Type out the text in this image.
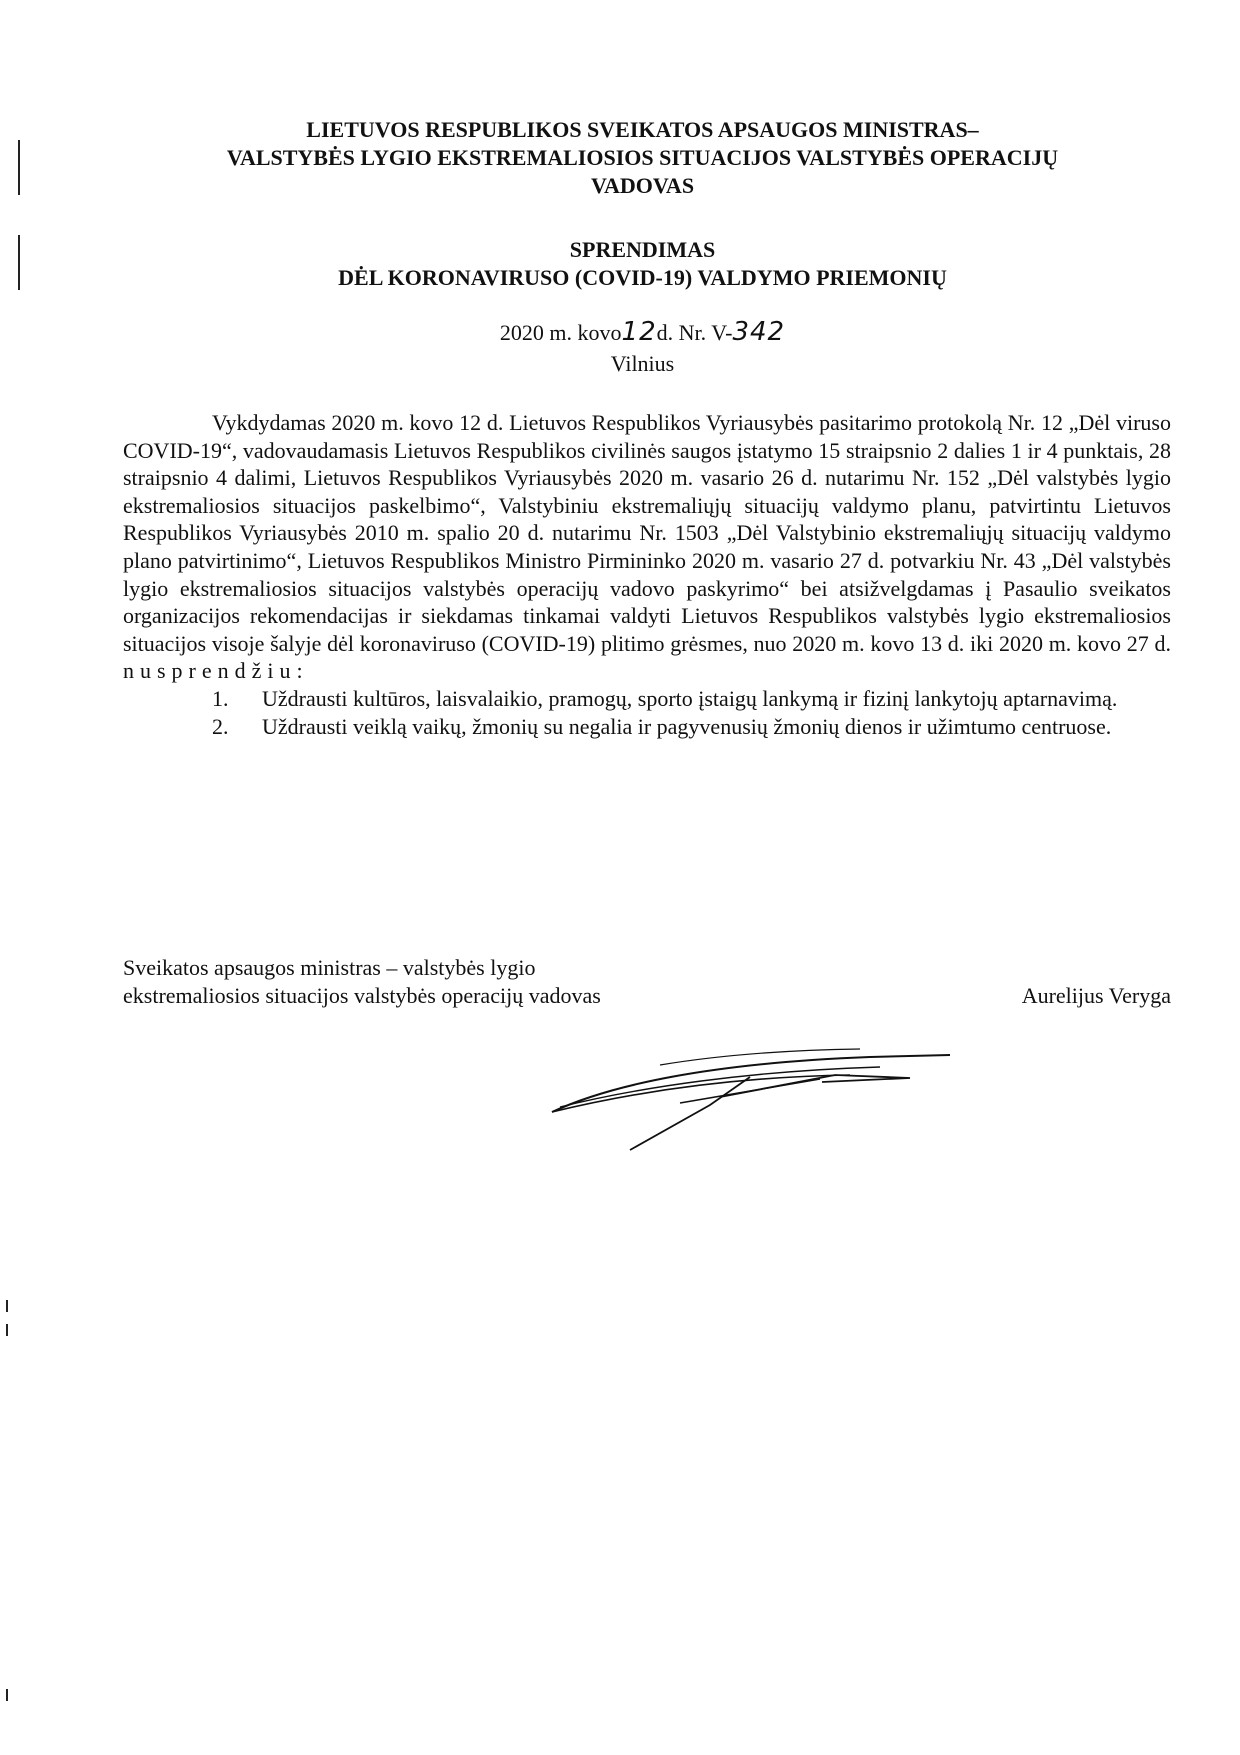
LIETUVOS RESPUBLIKOS SVEIKATOS APSAUGOS MINISTRAS–
VALSTYBĖS LYGIO EKSTREMALIOSIOS SITUACIJOS VALSTYBĖS OPERACIJŲ
VADOVAS
SPRENDIMAS
DĖL KORONAVIRUSO (COVID-19) VALDYMO PRIEMONIŲ
2020 m. kovo12d. Nr. V-342
Vilnius

Vykdydamas 2020 m. kovo 12 d. Lietuvos Respublikos Vyriausybės pasitarimo protokolą Nr. 12 „Dėl viruso COVID-19“, vadovaudamasis Lietuvos Respublikos civilinės saugos įstatymo 15 straipsnio 2 dalies 1 ir 4 punktais, 28 straipsnio 4 dalimi, Lietuvos Respublikos Vyriausybės 2020 m. vasario 26 d. nutarimu Nr. 152 „Dėl valstybės lygio ekstremaliosios situacijos paskelbimo“, Valstybiniu ekstremaliųjų situacijų valdymo planu, patvirtintu Lietuvos Respublikos Vyriausybės 2010 m. spalio 20 d. nutarimu Nr. 1503 „Dėl Valstybinio ekstremaliųjų situacijų valdymo plano patvirtinimo“, Lietuvos Respublikos Ministro Pirmininko 2020 m. vasario 27 d. potvarkiu Nr. 43 „Dėl valstybės lygio ekstremaliosios situacijos valstybės operacijų vadovo paskyrimo“ bei atsižvelgdamas į Pasaulio sveikatos organizacijos rekomendacijas ir siekdamas tinkamai valdyti Lietuvos Respublikos valstybės lygio ekstremaliosios situacijos visoje šalyje dėl koronaviruso (COVID-19) plitimo grėsmes, nuo 2020 m. kovo 13 d. iki 2020 m. kovo 27 d. nusprendžiu:

1. Uždrausti kultūros, laisvalaikio, pramogų, sporto įstaigų lankymą ir fizinį lankytojų aptarnavimą.

2. Uždrausti veiklą vaikų, žmonių su negalia ir pagyvenusių žmonių dienos ir užimtumo centruose.

Sveikatos apsaugos ministras – valstybės lygio
ekstremaliosios situacijos valstybės operacijų vadovas	Aurelijus Veryga
